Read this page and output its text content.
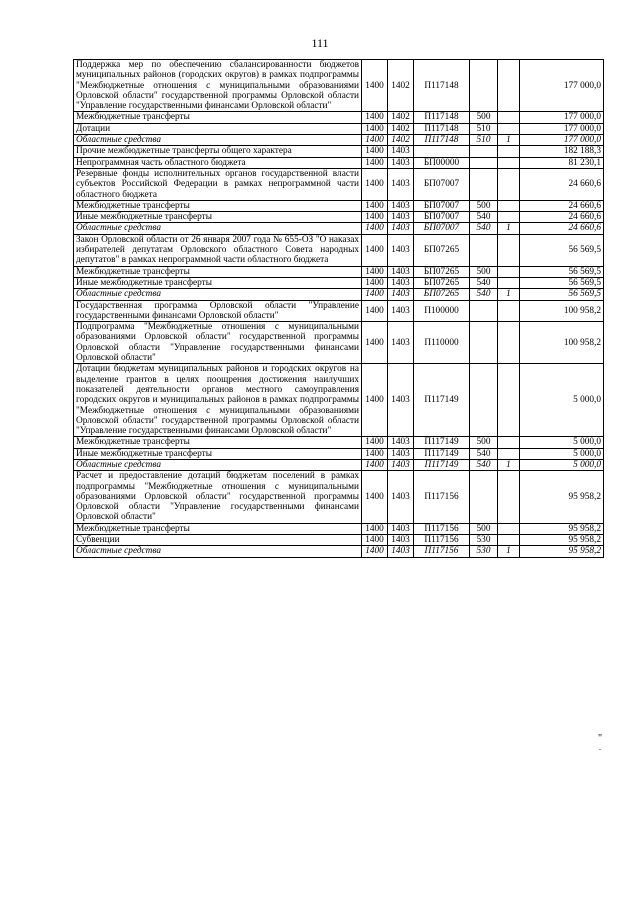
111
Поддержка мер по обеспечению сбалансированности бюджетов муниципальных районов (городских округов) в рамках подпрограммы "Межбюджетные отношения с муниципальными образованиями Орловской области" государственной программы Орловской области "Управление государственными финансами Орловской области"	1400	1402	П117148			177 000,0
Межбюджетные трансферты	1400	1402	П117148	500		177 000,0
Дотации	1400	1402	П117148	510		177 000,0
Областные средства	1400	1402	П117148	510	1	177 000,0
Прочие межбюджетные трансферты общего характера	1400	1403				182 188,3
Непрограммная часть областного бюджета	1400	1403	БП00000			81 230,1
Резервные фонды исполнительных органов государственной власти субъектов Российской Федерации в рамках непрограммной части областного бюджета	1400	1403	БП07007			24 660,6
Межбюджетные трансферты	1400	1403	БП07007	500		24 660,6
Иные межбюджетные трансферты	1400	1403	БП07007	540		24 660,6
Областные средства	1400	1403	БП07007	540	1	24 660,6
Закон Орловской области от 26 января 2007 года № 655-ОЗ "О наказах избирателей депутатам Орловского областного Совета народных депутатов" в рамках непрограммной части областного бюджета	1400	1403	БП07265			56 569,5
Межбюджетные трансферты	1400	1403	БП07265	500		56 569,5
Иные межбюджетные трансферты	1400	1403	БП07265	540		56 569,5
Областные средства	1400	1403	БП07265	540	1	56 569,5
Государственная программа Орловской области "Управление государственными финансами Орловской области"	1400	1403	П100000			100 958,2
Подпрограмма "Межбюджетные отношения с муниципальными образованиями Орловской области" государственной программы Орловской области "Управление государственными финансами Орловской области"	1400	1403	П110000			100 958,2
Дотации бюджетам муниципальных районов и городских округов на выделение грантов в целях поощрения достижения наилучших показателей деятельности органов местного самоуправления городских округов и муниципальных районов в рамках подпрограммы "Межбюджетные отношения с муниципальными образованиями Орловской области" государственной программы Орловской области "Управление государственными финансами Орловской области"	1400	1403	П117149			5 000,0
Межбюджетные трансферты	1400	1403	П117149	500		5 000,0
Иные межбюджетные трансферты	1400	1403	П117149	540		5 000,0
Областные средства	1400	1403	П117149	540	1	5 000,0
Расчет и предоставление дотаций бюджетам поселений в рамках подпрограммы "Межбюджетные отношения с муниципальными образованиями Орловской области" государственной программы Орловской области "Управление государственными финансами Орловской области"	1400	1403	П117156			95 958,2
Межбюджетные трансферты	1400	1403	П117156	500		95 958,2
Субвенции	1400	1403	П117156	530		95 958,2
Областные средства	1400	1403	П117156	530	1	95 958,2
"
.
